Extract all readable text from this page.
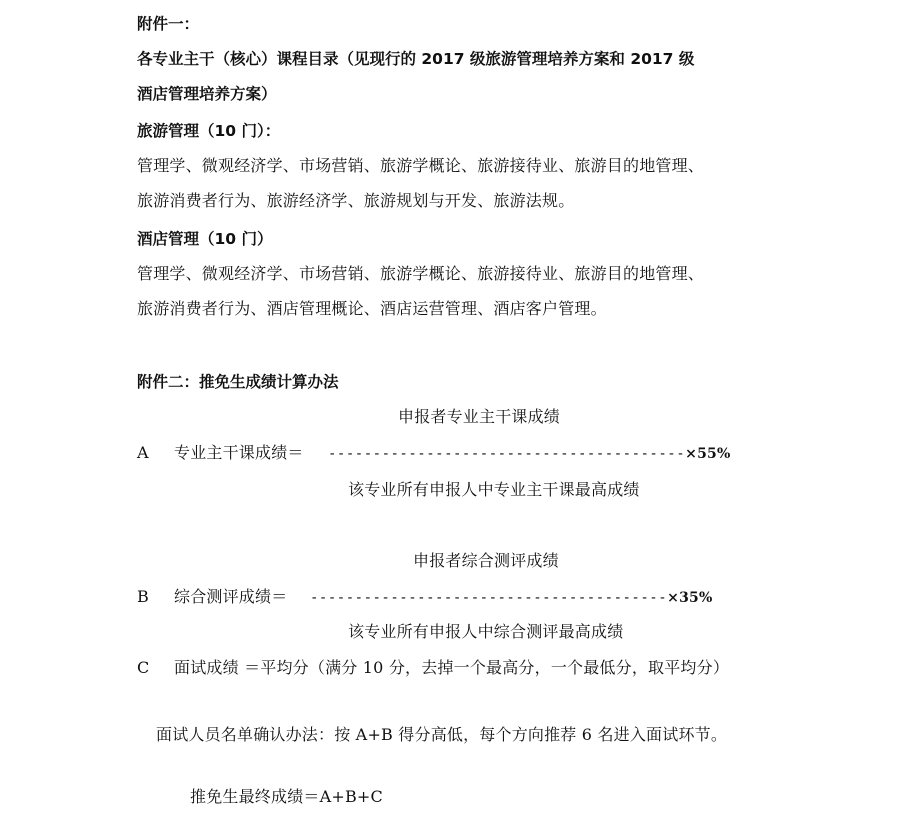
附件一：
各专业主干（核心）课程目录（见现行的 2017 级旅游管理培养方案和 2017 级
酒店管理培养方案）
旅游管理（10 门）：
管理学、微观经济学、市场营销、旅游学概论、旅游接待业、旅游目的地管理、
旅游消费者行为、旅游经济学、旅游规划与开发、旅游法规。
酒店管理（10 门）
管理学、微观经济学、市场营销、旅游学概论、旅游接待业、旅游目的地管理、
旅游消费者行为、酒店管理概论、酒店运营管理、酒店客户管理。
附件二：推免生成绩计算办法
申报者专业主干课成绩
A 专业主干课成绩＝ ----------------------------------------×55%
该专业所有申报人中专业主干课最高成绩
申报者综合测评成绩
B 综合测评成绩＝ ----------------------------------------×35%
该专业所有申报人中综合测评最高成绩
C 面试成绩 ＝平均分（满分 10 分，去掉一个最高分，一个最低分，取平均分）
面试人员名单确认办法：按 A+B 得分高低，每个方向推荐 6 名进入面试环节。
推免生最终成绩＝A+B+C
